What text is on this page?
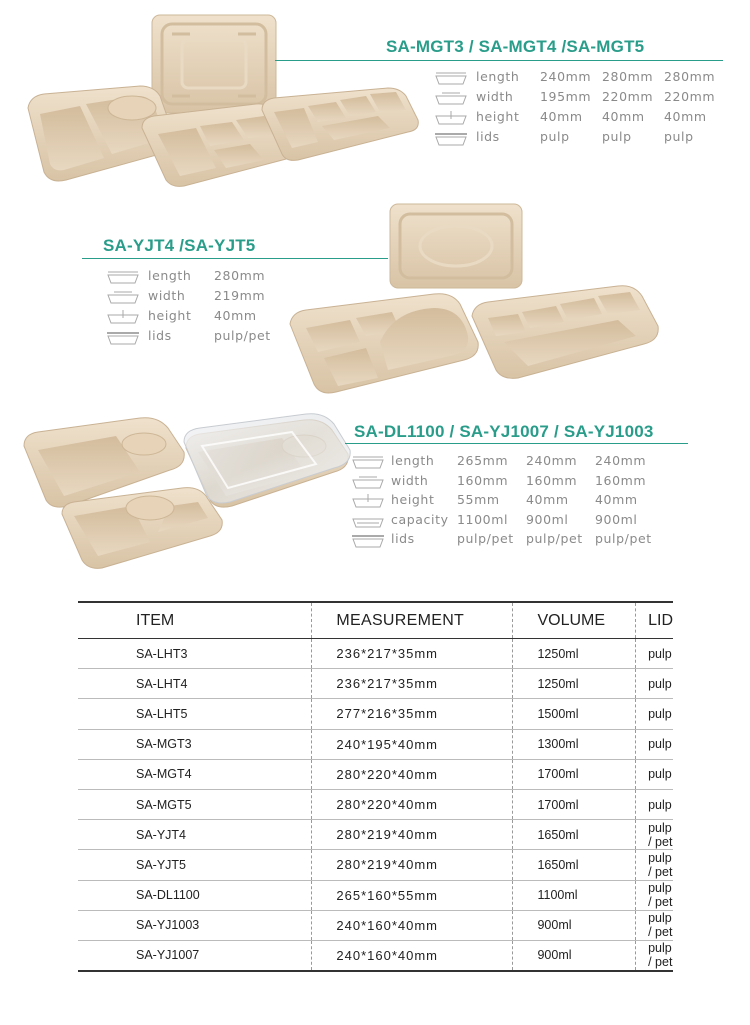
SA-MGT3 / SA-MGT4 /SA-MGT5
length 240mm 280mm 280mm
width 195mm 220mm 220mm
height 40mm 40mm 40mm
lids	pulp	pulp	pulp
SA-YJT4 /SA-YJT5
length 280mm
width 219mm
height 40mm
lids	pulp/pet
SA-DL1100 / SA-YJ1007 / SA-YJ1003
length 265mm 240mm 240mm
width 160mm 160mm 160mm
height 55mm 40mm 40mm
capacity 1100ml 900ml 900ml
lids	pulp/pet pulp/pet pulp/pet
ITEM	MEASUREMENT	VOLUME	LID
SA-LHT3	236*217*35mm	1250ml	pulp
SA-LHT4	236*217*35mm	1250ml	pulp
SA-LHT5	277*216*35mm	1500ml	pulp
SA-MGT3	240*195*40mm	1300ml	pulp
SA-MGT4	280*220*40mm	1700ml	pulp
SA-MGT5	280*220*40mm	1700ml	pulp
SA-YJT4	280*219*40mm	1650ml	pulp / pet
SA-YJT5	280*219*40mm	1650ml	pulp / pet
SA-DL1100	265*160*55mm	1100ml	pulp / pet
SA-YJ1003	240*160*40mm	900ml	pulp / pet
SA-YJ1007	240*160*40mm	900ml	pulp / pet
